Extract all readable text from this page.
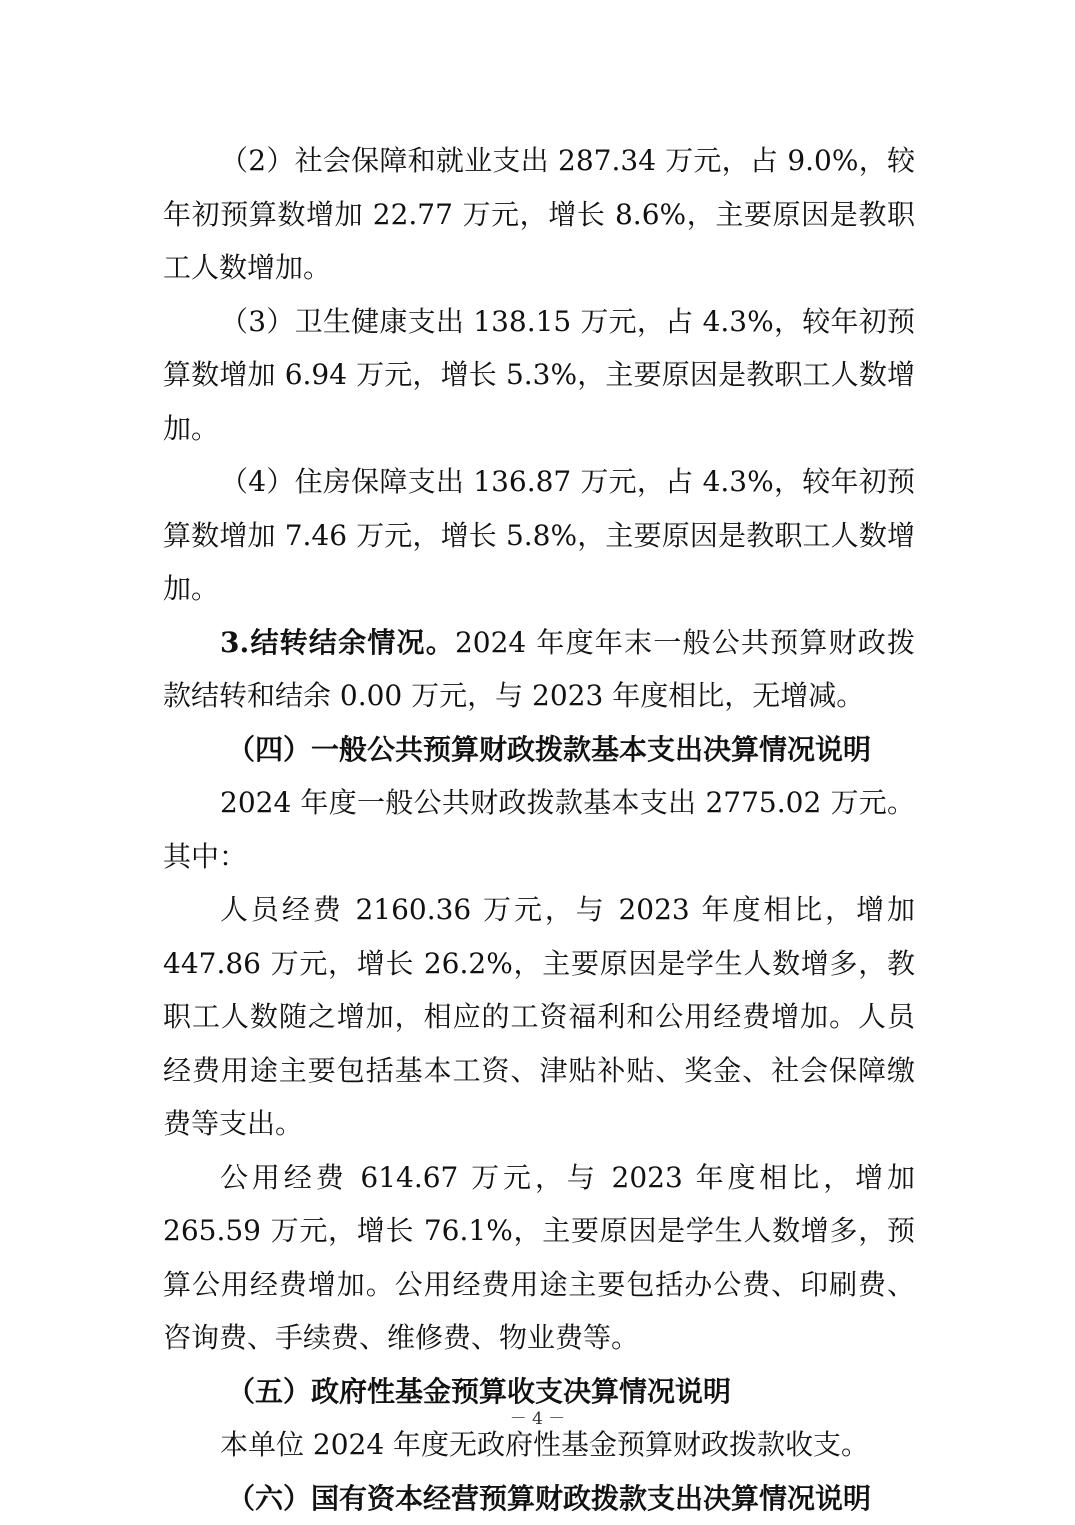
（2）社会保障和就业支出 287.34 万元，占 9.0%，较年初预算数增加 22.77 万元，增长 8.6%，主要原因是教职工人数增加。

（3）卫生健康支出 138.15 万元，占 4.3%，较年初预算数增加 6.94 万元，增长 5.3%，主要原因是教职工人数增加。

（4）住房保障支出 136.87 万元，占 4.3%，较年初预算数增加 7.46 万元，增长 5.8%，主要原因是教职工人数增加。

3.结转结余情况。2024 年度年末一般公共预算财政拨款结转和结余 0.00 万元，与 2023 年度相比，无增减。

（四）一般公共预算财政拨款基本支出决算情况说明

2024 年度一般公共财政拨款基本支出 2775.02 万元。其中：

人员经费 2160.36 万元，与 2023 年度相比，增加 447.86 万元，增长 26.2%，主要原因是学生人数增多，教职工人数随之增加，相应的工资福利和公用经费增加。人员经费用途主要包括基本工资、津贴补贴、奖金、社会保障缴费等支出。

公用经费 614.67 万元，与 2023 年度相比，增加 265.59 万元，增长 76.1%，主要原因是学生人数增多，预算公用经费增加。公用经费用途主要包括办公费、印刷费、咨询费、手续费、维修费、物业费等。

（五）政府性基金预算收支决算情况说明

本单位 2024 年度无政府性基金预算财政拨款收支。

（六）国有资本经营预算财政拨款支出决算情况说明

－ 4 －
